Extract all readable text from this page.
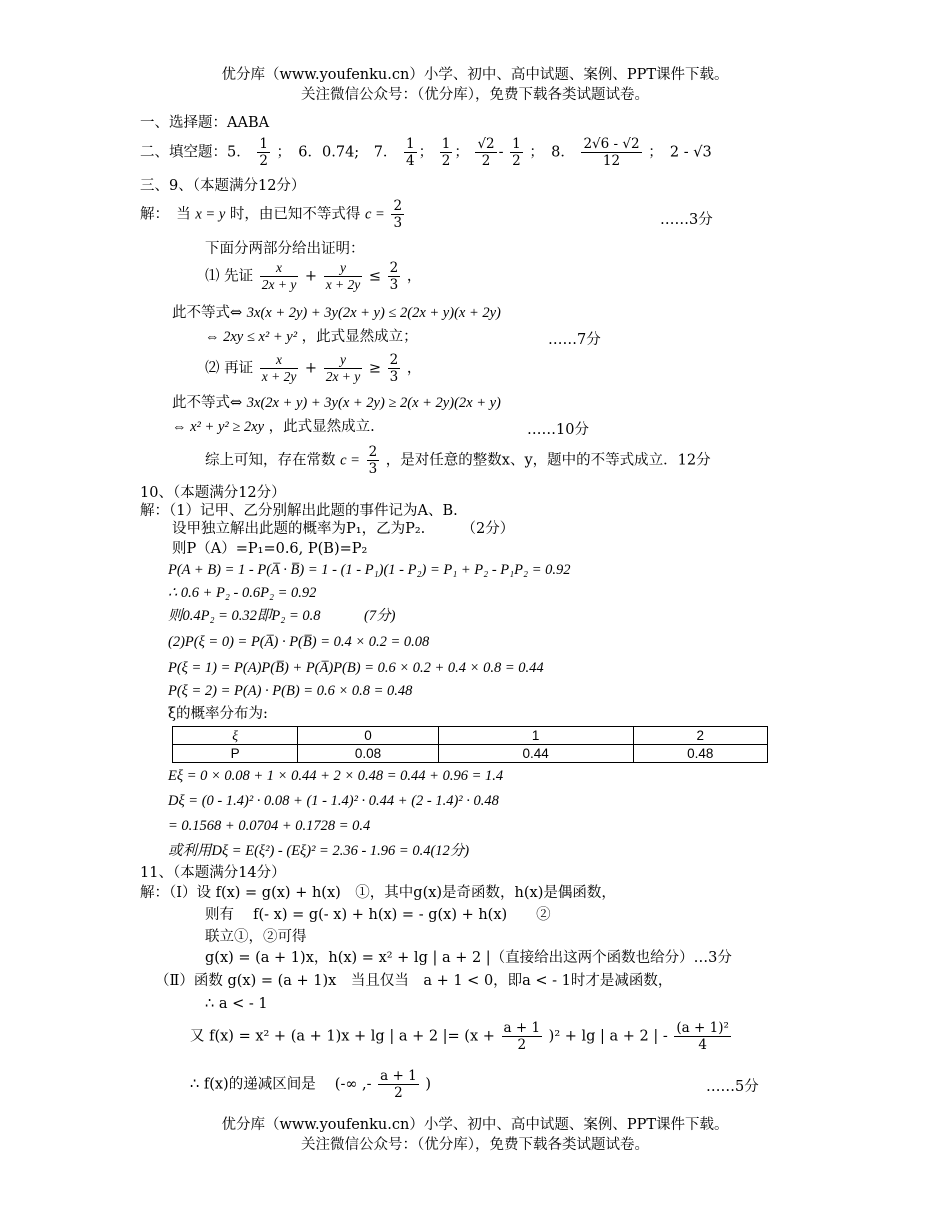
优分库（www.youfenku.cn）小学、初中、高中试题、案例、PPT课件下载。
关注微信公众号：（优分库），免费下载各类试题试卷。
一、选择题：AABA
二、填空题：5． $\frac{1}{2}$ ；　6．0.74;　7． $\frac{1}{4}$ ； $\frac{1}{2}$ ； $\frac{√2}{2} - \frac{1}{2}$ ；　8． $\frac{2√6 - √2}{12}$ ；　2 - √3
三、9、（本题满分12分）
解：　当 x = y 时，由已知不等式得 $c = \frac{2}{3}$	……3分
下面分两部分给出证明：
⑴ 先证 $\frac{x}{2x + y} + \frac{y}{x + 2y} \le \frac{2}{3}$ ，
此不等式⇔ 3x(x + 2y) + 3y(2x + y) ≤ 2(2x + y)(x + 2y)
⇔ 2xy ≤ x² + y² ，此式显然成立；	……7分
⑵ 再证 $\frac{x}{x + 2y} + \frac{y}{2x + y} \ge \frac{2}{3}$ ，
此不等式⇔ 3x(2x + y) + 3y(x + 2y) ≥ 2(x + 2y)(2x + y)
⇔ x² + y² ≥ 2xy ，此式显然成立.	……10分
综上可知，存在常数 $c = \frac{2}{3}$ ，是对任意的整数x、y，题中的不等式成立．12分
10、（本题满分12分）
解：（1）记甲、乙分别解出此题的事件记为A、B.
设甲独立解出此题的概率为P₁，乙为P₂.　　　（2分）
则P（A）=P₁=0.6, P(B)=P₂
P(A + B) = 1 - P(A̅ · B̅) = 1 - (1 - P₁)(1 - P₂) = P₁ + P₂ - P₁P₂ = 0.92
∴ 0.6 + P₂ - 0.6P₂ = 0.92
则0.4P₂ = 0.32即P₂ = 0.8　　　(7分)
(2)P(ξ = 0) = P(A̅) · P(B̅) = 0.4 × 0.2 = 0.08
P(ξ = 1) = P(A)P(B̅) + P(A̅)P(B) = 0.6 × 0.2 + 0.4 × 0.8 = 0.44
P(ξ = 2) = P(A) · P(B) = 0.6 × 0.8 = 0.48
ξ的概率分布为:
ξ	0	1	2
P	0.08	0.44	0.48
Eξ = 0 × 0.08 + 1 × 0.44 + 2 × 0.48 = 0.44 + 0.96 = 1.4
Dξ = (0 - 1.4)² · 0.08 + (1 - 1.4)² · 0.44 + (2 - 1.4)² · 0.48
= 0.1568 + 0.0704 + 0.1728 = 0.4
或利用Dξ = E(ξ²) - (Eξ)² = 2.36 - 1.96 = 0.4(12分)
11、（本题满分14分）
解：（Ⅰ）设 f(x) = g(x) + h(x)　①，其中g(x)是奇函数，h(x)是偶函数，
则有　 f(- x) = g(- x) + h(x) = - g(x) + h(x)　　②
联立①，②可得
g(x) = (a + 1)x，h(x) = x² + lg | a + 2 |（直接给出这两个函数也给分）…3分
（Ⅱ）函数 g(x) = (a + 1)x　当且仅当　a + 1 < 0，即a < - 1时才是减函数，
∴ a < - 1
又 f(x) = x² + (a + 1)x + lg | a + 2 |= $(x + \frac{a + 1}{2} )^2 + \lg$ | a + 2 | - $\frac{\text{(a + 1)²}}{4}$
∴ f(x)的递减区间是　 (-∞ ,- $\frac{a + 1}{2}$ )	……5分
优分库（www.youfenku.cn）小学、初中、高中试题、案例、PPT课件下载。
关注微信公众号：（优分库），免费下载各类试题试卷。
